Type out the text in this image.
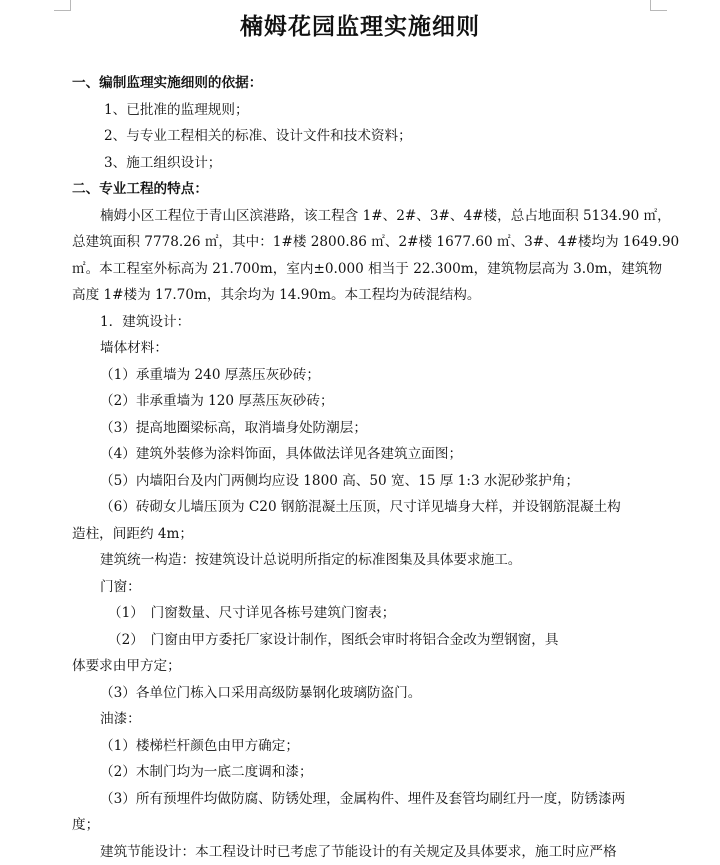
楠姆花园监理实施细则
一、编制监理实施细则的依据：
1、已批准的监理规则；
2、与专业工程相关的标准、设计文件和技术资料；
3、施工组织设计；
二、专业工程的特点：
楠姆小区工程位于青山区滨港路，该工程含 1#、2#、3#、4#楼，总占地面积 5134.90 ㎡，
总建筑面积 7778.26 ㎡，其中：1#楼 2800.86 ㎡、2#楼 1677.60 ㎡、3#、4#楼均为 1649.90
㎡。本工程室外标高为 21.700m，室内±0.000 相当于 22.300m，建筑物层高为 3.0m，建筑物
高度 1#楼为 17.70m，其余均为 14.90m。本工程均为砖混结构。
1．建筑设计：
墙体材料：
（1）承重墙为 240 厚蒸压灰砂砖；
（2）非承重墙为 120 厚蒸压灰砂砖；
（3）提高地圈梁标高，取消墙身处防潮层；
（4）建筑外装修为涂料饰面，具体做法详见各建筑立面图；
（5）内墙阳台及内门两侧均应设 1800 高、50 宽、15 厚 1:3 水泥砂浆护角；
（6）砖砌女儿墙压顶为 C20 钢筋混凝土压顶，尺寸详见墙身大样，并设钢筋混凝土构
造柱，间距约 4m；
建筑统一构造：按建筑设计总说明所指定的标准图集及具体要求施工。
门窗：
（1）　门窗数量、尺寸详见各栋号建筑门窗表；
（2）　门窗由甲方委托厂家设计制作，图纸会审时将铝合金改为塑钢窗，具
体要求由甲方定；
（3）各单位门栋入口采用高级防暴钢化玻璃防盗门。
油漆：
（1）楼梯栏杆颜色由甲方确定；
（2）木制门均为一底二度调和漆；
（3）所有预埋件均做防腐、防锈处理，金属构件、埋件及套管均刷红丹一度，防锈漆两
度；
建筑节能设计：本工程设计时已考虑了节能设计的有关规定及具体要求，施工时应严格
